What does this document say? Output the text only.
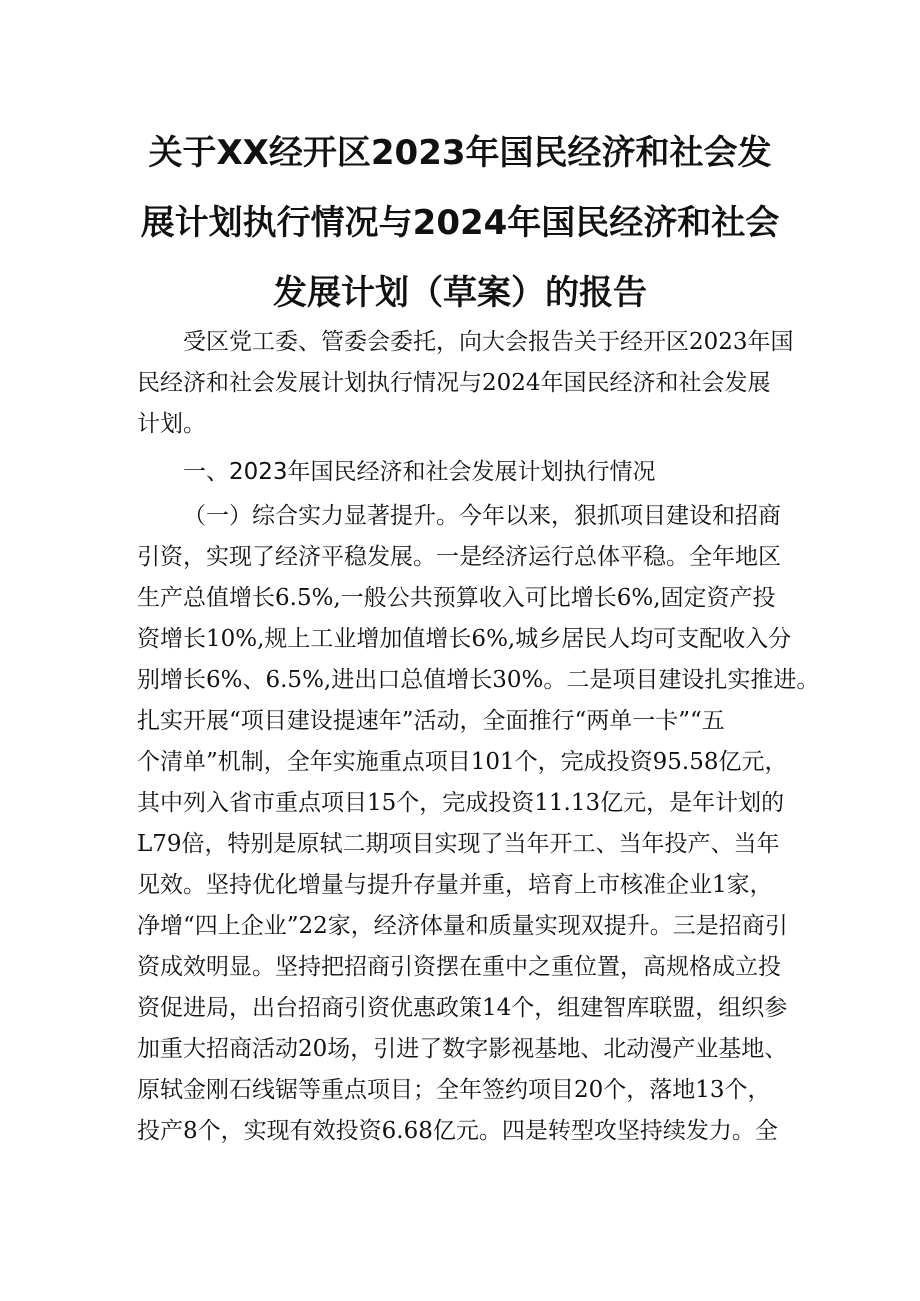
关于XX经开区2023年国民经济和社会发
展计划执行情况与2024年国民经济和社会
发展计划（草案）的报告
受区党工委、管委会委托，向大会报告关于经开区2023年国
民经济和社会发展计划执行情况与2024年国民经济和社会发展
计划。
一、2023年国民经济和社会发展计划执行情况
（一）综合实力显著提升。今年以来，狠抓项目建设和招商
引资，实现了经济平稳发展。一是经济运行总体平稳。全年地区
生产总值增长6.5%,一般公共预算收入可比增长6%,固定资产投
资增长10%,规上工业增加值增长6%,城乡居民人均可支配收入分
别增长6%、6.5%,进出口总值增长30%。二是项目建设扎实推进。
扎实开展“项目建设提速年”活动，全面推行“两单一卡”“五
个清单”机制，全年实施重点项目101个，完成投资95.58亿元，
其中列入省市重点项目15个，完成投资11.13亿元，是年计划的
L79倍，特别是原轼二期项目实现了当年开工、当年投产、当年
见效。坚持优化增量与提升存量并重，培育上市核准企业1家，
净增“四上企业”22家，经济体量和质量实现双提升。三是招商引
资成效明显。坚持把招商引资摆在重中之重位置，高规格成立投
资促进局，出台招商引资优惠政策14个，组建智库联盟，组织参
加重大招商活动20场，引进了数字影视基地、北动漫产业基地、
原轼金刚石线锯等重点项目；全年签约项目20个，落地13个，
投产8个，实现有效投资6.68亿元。四是转型攻坚持续发力。全
